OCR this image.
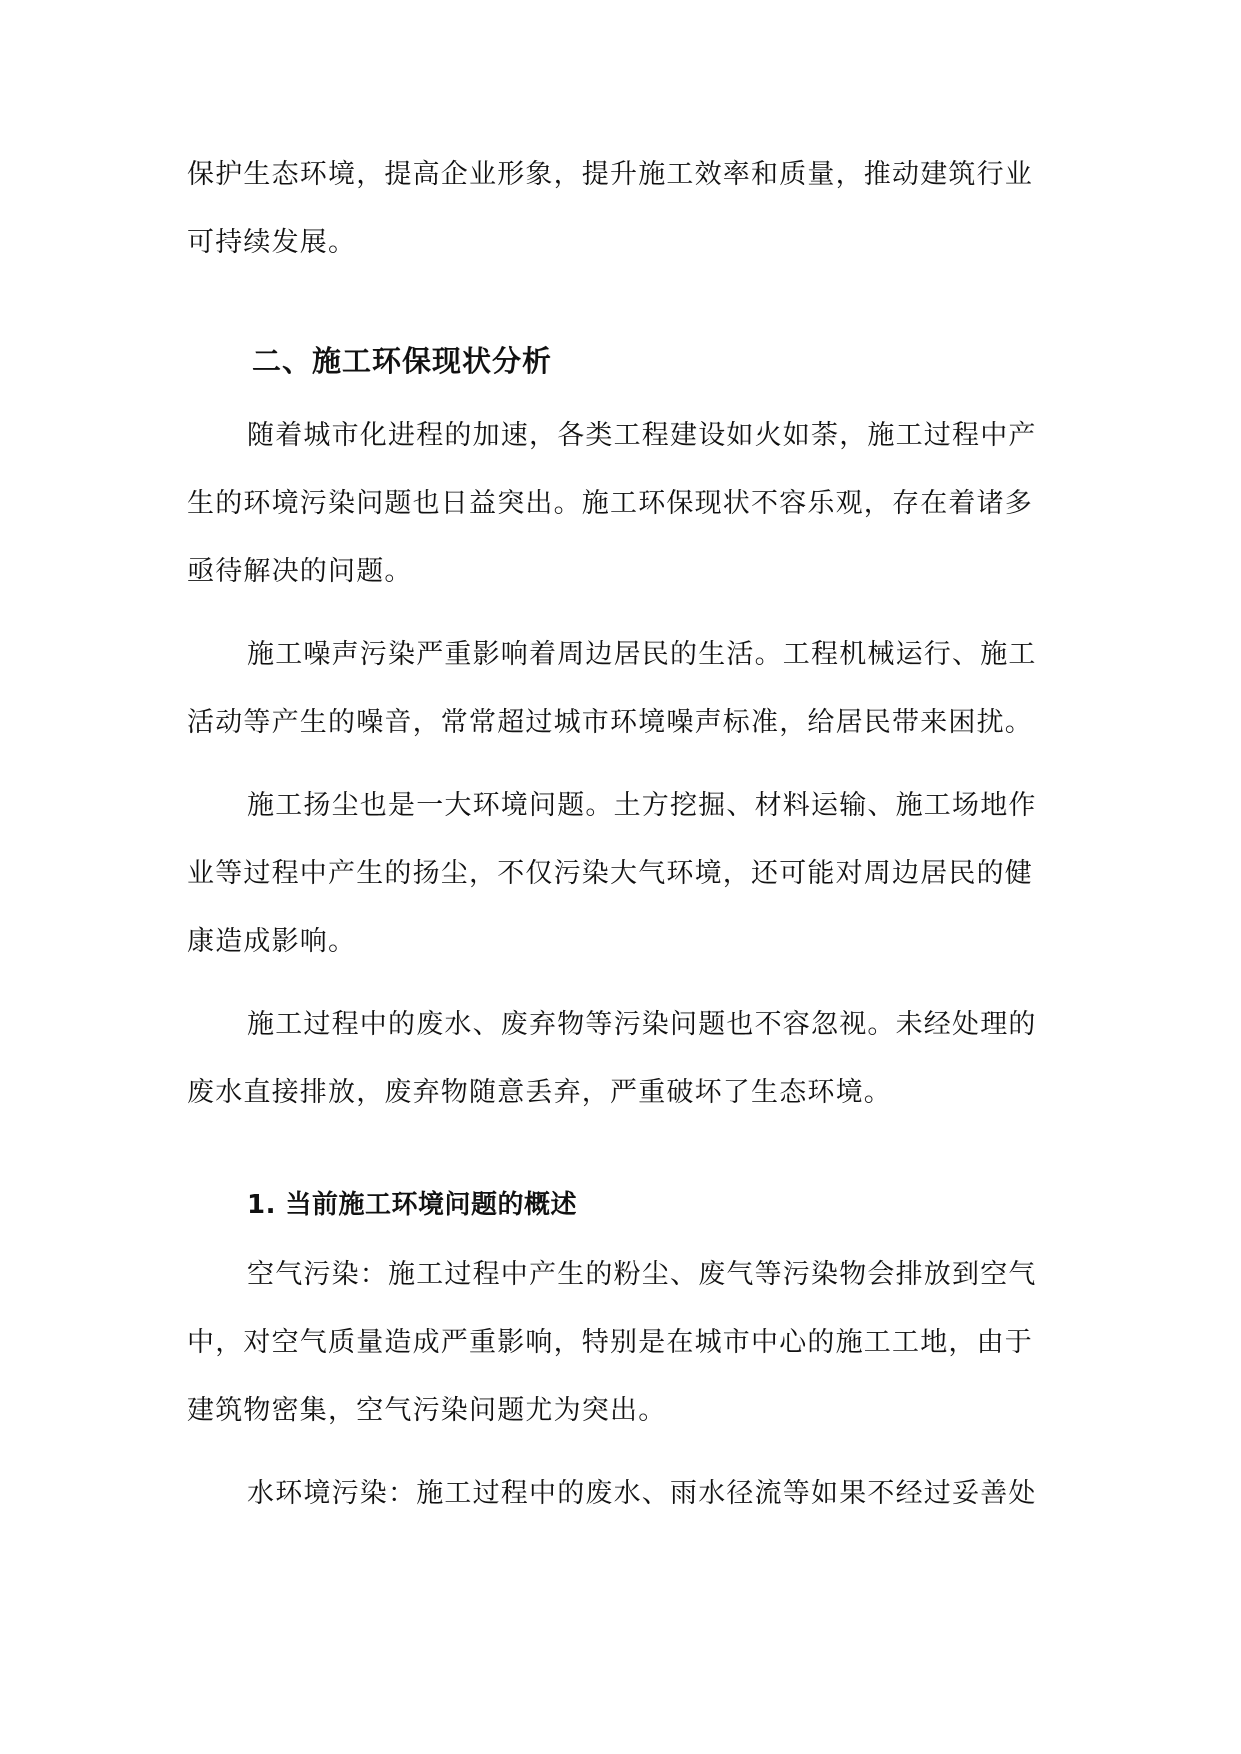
保护生态环境，提高企业形象，提升施工效率和质量，推动建筑行业
可持续发展。
二、施工环保现状分析
随着城市化进程的加速，各类工程建设如火如荼，施工过程中产
生的环境污染问题也日益突出。施工环保现状不容乐观，存在着诸多
亟待解决的问题。
施工噪声污染严重影响着周边居民的生活。工程机械运行、施工
活动等产生的噪音，常常超过城市环境噪声标准，给居民带来困扰。
施工扬尘也是一大环境问题。土方挖掘、材料运输、施工场地作
业等过程中产生的扬尘，不仅污染大气环境，还可能对周边居民的健
康造成影响。
施工过程中的废水、废弃物等污染问题也不容忽视。未经处理的
废水直接排放，废弃物随意丢弃，严重破坏了生态环境。
1. 当前施工环境问题的概述
空气污染：施工过程中产生的粉尘、废气等污染物会排放到空气
中，对空气质量造成严重影响，特别是在城市中心的施工工地，由于
建筑物密集，空气污染问题尤为突出。
水环境污染：施工过程中的废水、雨水径流等如果不经过妥善处
